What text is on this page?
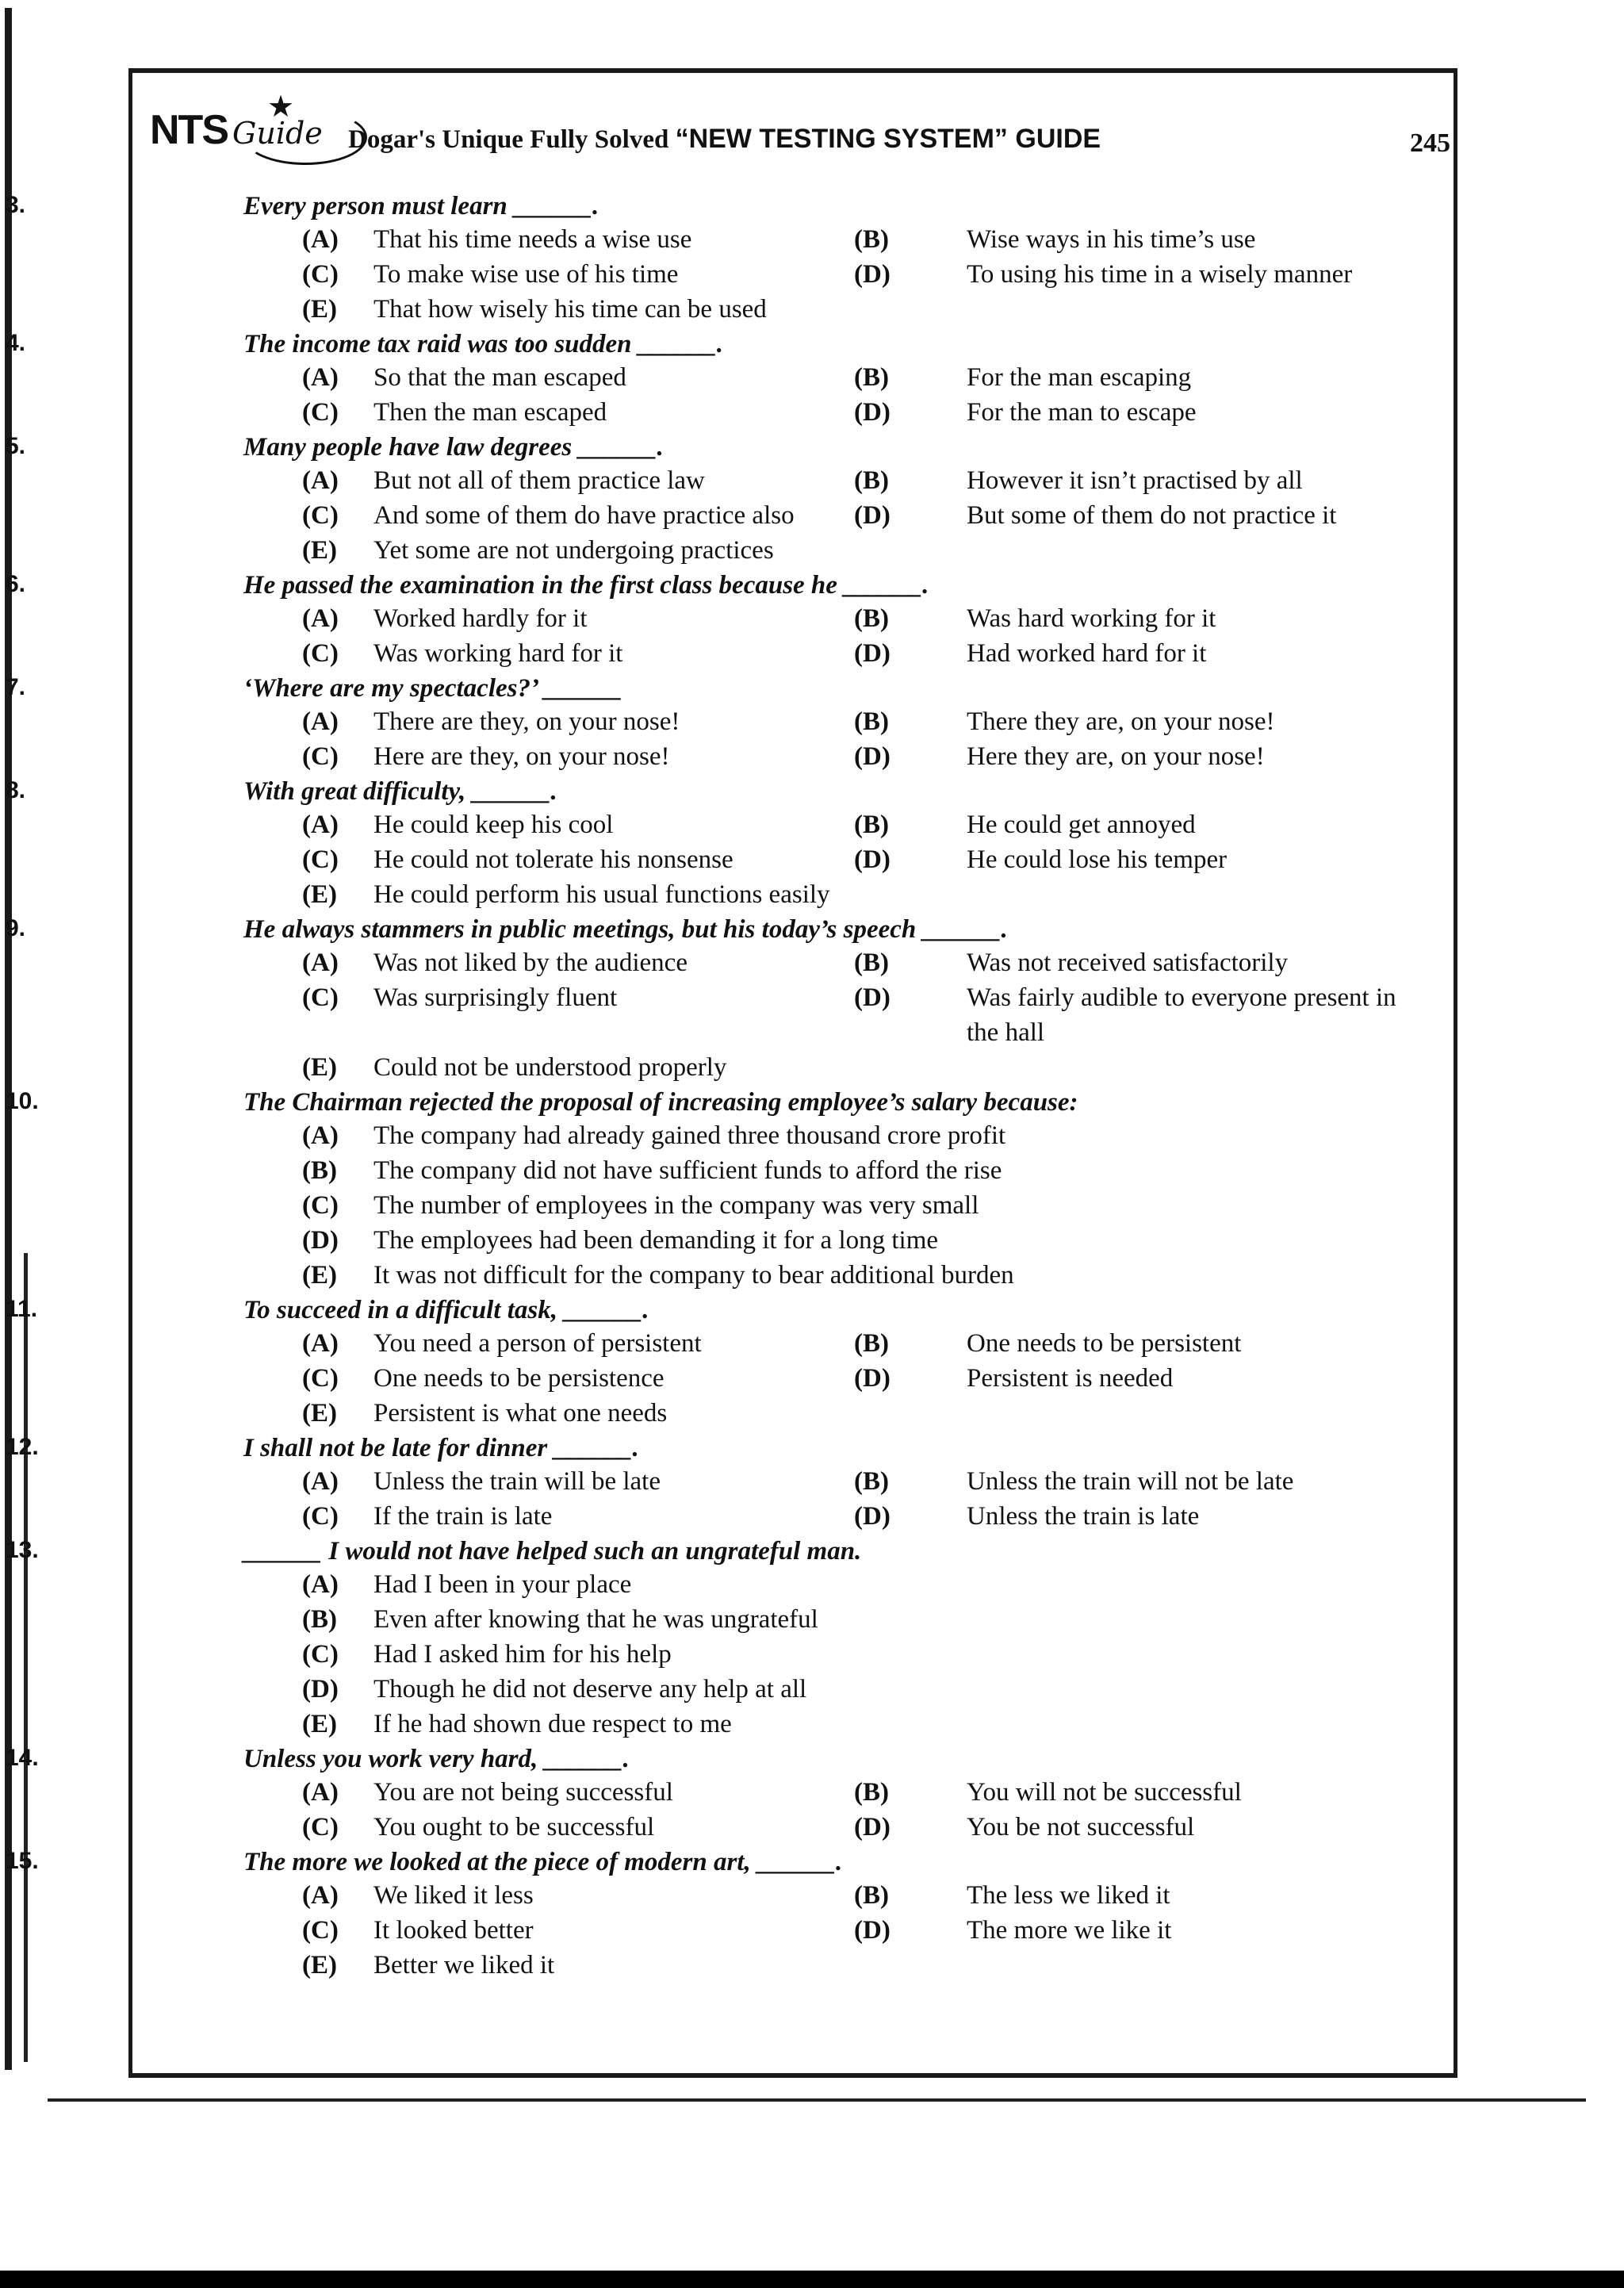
★
NTS Guide Dogar's Unique Fully Solved “NEW TESTING SYSTEM” GUIDE	245
3.	Every person must learn ______.
(A)	That his time needs a wise use	(B)	Wise ways in his time’s use
(C)	To make wise use of his time	(D)	To using his time in a wisely manner
(E)	That how wisely his time can be used
4.	The income tax raid was too sudden ______.
(A)	So that the man escaped	(B)	For the man escaping
(C)	Then the man escaped	(D)	For the man to escape
5.	Many people have law degrees ______.
(A)	But not all of them practice law	(B)	However it isn’t practised by all
(C)	And some of them do have practice also	(D)	But some of them do not practice it
(E)	Yet some are not undergoing practices
6.	He passed the examination in the first class because he ______.
(A)	Worked hardly for it	(B)	Was hard working for it
(C)	Was working hard for it	(D)	Had worked hard for it
7.	‘Where are my spectacles?’ ______
(A)	There are they, on your nose!	(B)	There they are, on your nose!
(C)	Here are they, on your nose!	(D)	Here they are, on your nose!
8.	With great difficulty, ______.
(A)	He could keep his cool	(B)	He could get annoyed
(C)	He could not tolerate his nonsense	(D)	He could lose his temper
(E)	He could perform his usual functions easily
9.	He always stammers in public meetings, but his today’s speech ______.
(A)	Was not liked by the audience	(B)	Was not received satisfactorily
(C)	Was surprisingly fluent	(D)	Was fairly audible to everyone present in the hall
(E)	Could not be understood properly
10.	The Chairman rejected the proposal of increasing employee’s salary because:
(A)	The company had already gained three thousand crore profit
(B)	The company did not have sufficient funds to afford the rise
(C)	The number of employees in the company was very small
(D)	The employees had been demanding it for a long time
(E)	It was not difficult for the company to bear additional burden
11.	To succeed in a difficult task, ______.
(A)	You need a person of persistent	(B)	One needs to be persistent
(C)	One needs to be persistence	(D)	Persistent is needed
(E)	Persistent is what one needs
12.	I shall not be late for dinner ______.
(A)	Unless the train will be late	(B)	Unless the train will not be late
(C)	If the train is late	(D)	Unless the train is late
13.	______ I would not have helped such an ungrateful man.
(A)	Had I been in your place
(B)	Even after knowing that he was ungrateful
(C)	Had I asked him for his help
(D)	Though he did not deserve any help at all
(E)	If he had shown due respect to me
14.	Unless you work very hard, ______.
(A)	You are not being successful	(B)	You will not be successful
(C)	You ought to be successful	(D)	You be not successful
15.	The more we looked at the piece of modern art, ______.
(A)	We liked it less	(B)	The less we liked it
(C)	It looked better	(D)	The more we like it
(E)	Better we liked it
